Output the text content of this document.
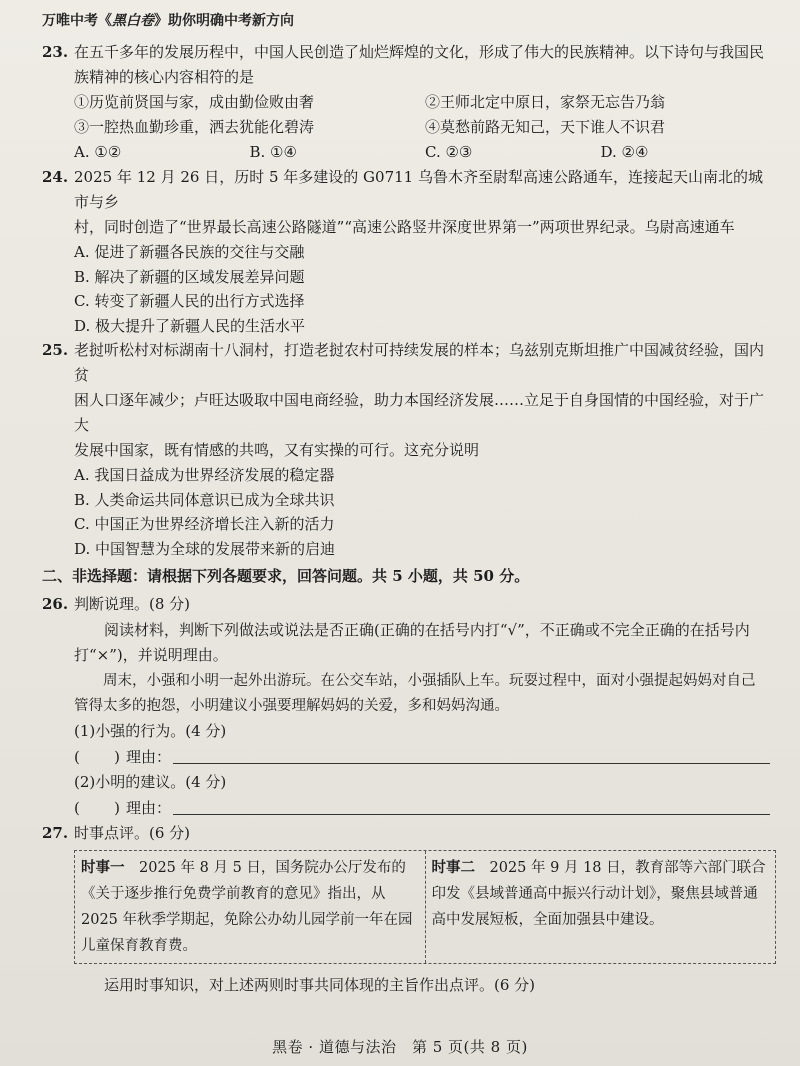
万唯中考《黑白卷》助你明确中考新方向
23. 在五千多年的发展历程中，中国人民创造了灿烂辉煌的文化，形成了伟大的民族精神。以下诗句与我国民
族精神的核心内容相符的是
①历览前贤国与家，成由勤俭败由奢	②王师北定中原日，家祭无忘告乃翁
③一腔热血勤珍重，洒去犹能化碧涛	④莫愁前路无知己，天下谁人不识君
A. ①②	B. ①④	C. ②③	D. ②④
24. 2025 年 12 月 26 日，历时 5 年多建设的 G0711 乌鲁木齐至尉犁高速公路通车，连接起天山南北的城市与乡
村，同时创造了“世界最长高速公路隧道”“高速公路竖井深度世界第一”两项世界纪录。乌尉高速通车
A. 促进了新疆各民族的交往与交融
B. 解决了新疆的区域发展差异问题
C. 转变了新疆人民的出行方式选择
D. 极大提升了新疆人民的生活水平
25. 老挝听松村对标湖南十八洞村，打造老挝农村可持续发展的样本；乌兹别克斯坦推广中国减贫经验，国内贫
困人口逐年减少；卢旺达吸取中国电商经验，助力本国经济发展……立足于自身国情的中国经验，对于广大
发展中国家，既有情感的共鸣，又有实操的可行。这充分说明
A. 我国日益成为世界经济发展的稳定器
B. 人类命运共同体意识已成为全球共识
C. 中国正为世界经济增长注入新的活力
D. 中国智慧为全球的发展带来新的启迪
二、非选择题：请根据下列各题要求，回答问题。共 5 小题，共 50 分。
26. 判断说理。(8 分)
阅读材料，判断下列做法或说法是否正确(正确的在括号内打“√”，不正确或不完全正确的在括号内
打“×”)，并说明理由。
周末，小强和小明一起外出游玩。在公交车站，小强插队上车。玩耍过程中，面对小强提起妈妈对自己
管得太多的抱怨，小明建议小强要理解妈妈的关爱，多和妈妈沟通。
(1)小强的行为。(4 分)
( ) 理由：
(2)小明的建议。(4 分)
( ) 理由：
27. 时事点评。(6 分)
时事一　2025 年 8 月 5 日，国务院办公厅发布的《关于逐步推行免费学前教育的意见》指出，从 2025 年秋季学期起，免除公办幼儿园学前一年在园儿童保育教育费。
时事二　2025 年 9 月 18 日，教育部等六部门联合印发《县域普通高中振兴行动计划》，聚焦县域普通高中发展短板，全面加强县中建设。
运用时事知识，对上述两则时事共同体现的主旨作出点评。(6 分)
黑卷 · 道德与法治　第 5 页(共 8 页)
